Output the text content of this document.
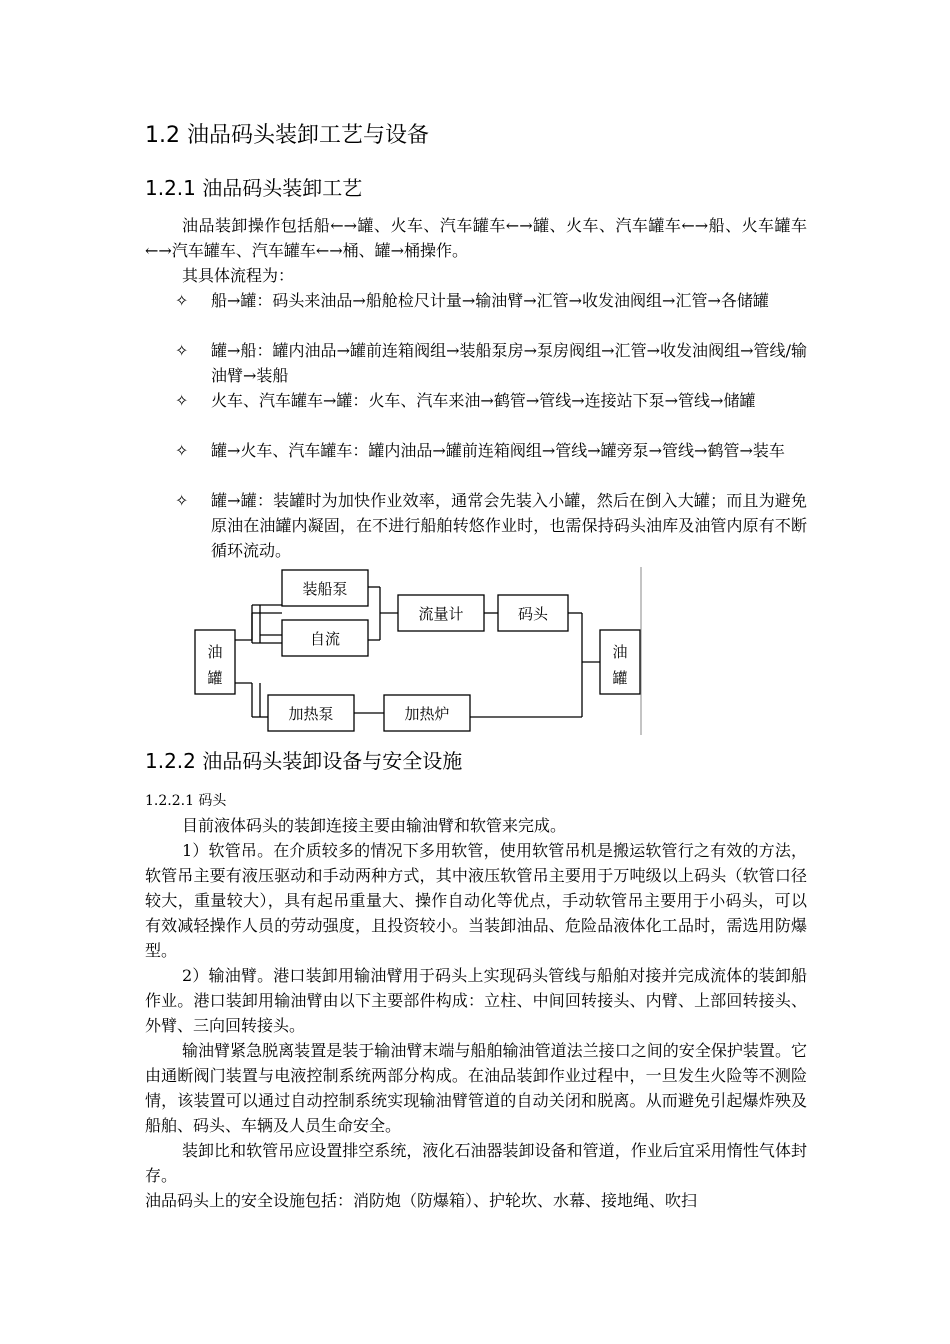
1.2 油品码头装卸工艺与设备
1.2.1 油品码头装卸工艺
油品装卸操作包括船←→罐、火车、汽车罐车←→罐、火车、汽车罐车←→船、火车罐车←→汽车罐车、汽车罐车←→桶、罐→桶操作。
其具体流程为：
✧	船→罐：码头来油品→船舱检尺计量→输油臂→汇管→收发油阀组→汇管→各储罐
✧	罐→船：罐内油品→罐前连箱阀组→装船泵房→泵房阀组→汇管→收发油阀组→管线/输油臂→装船
✧	火车、汽车罐车→罐：火车、汽车来油→鹤管→管线→连接站下泵→管线→储罐
✧	罐→火车、汽车罐车：罐内油品→罐前连箱阀组→管线→罐旁泵→管线→鹤管→装车
✧	罐→罐：装罐时为加快作业效率，通常会先装入小罐，然后在倒入大罐；而且为避免原油在油罐内凝固，在不进行船舶转悠作业时，也需保持码头油库及油管内原有不断循环流动。
油
罐
油
罐
装船泵
自流
流量计	码头
加热泵	加热炉
1.2.2 油品码头装卸设备与安全设施
1.2.2.1 码头
目前液体码头的装卸连接主要由输油臂和软管来完成。
1）软管吊。在介质较多的情况下多用软管，使用软管吊机是搬运软管行之有效的方法，软管吊主要有液压驱动和手动两种方式，其中液压软管吊主要用于万吨级以上码头（软管口径较大，重量较大），具有起吊重量大、操作自动化等优点，手动软管吊主要用于小码头，可以有效减轻操作人员的劳动强度，且投资较小。当装卸油品、危险品液体化工品时，需选用防爆型。
2）输油臂。港口装卸用输油臂用于码头上实现码头管线与船舶对接并完成流体的装卸船作业。港口装卸用输油臂由以下主要部件构成：立柱、中间回转接头、内臂、上部回转接头、外臂、三向回转接头。
输油臂紧急脱离装置是装于输油臂末端与船舶输油管道法兰接口之间的安全保护装置。它由通断阀门装置与电液控制系统两部分构成。在油品装卸作业过程中，一旦发生火险等不测险情，该装置可以通过自动控制系统实现输油臂管道的自动关闭和脱离。从而避免引起爆炸殃及船舶、码头、车辆及人员生命安全。
装卸比和软管吊应设置排空系统，液化石油器装卸设备和管道，作业后宜采用惰性气体封存。
油品码头上的安全设施包括：消防炮（防爆箱）、护轮坎、水幕、接地绳、吹扫
